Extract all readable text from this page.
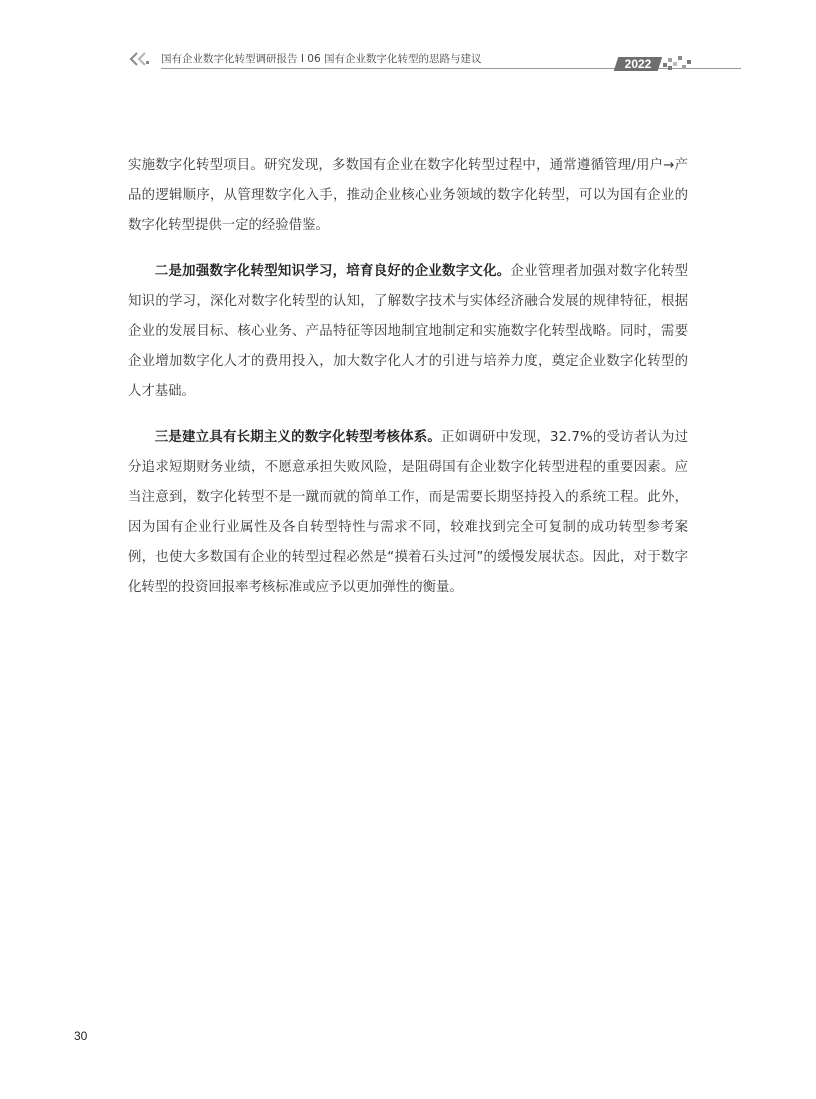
国有企业数字化转型调研报告 I 06 国有企业数字化转型的思路与建议	2022

实施数字化转型项目。研究发现，多数国有企业在数字化转型过程中，通常遵循管理/用户→产品的逻辑顺序，从管理数字化入手，推动企业核心业务领域的数字化转型，可以为国有企业的数字化转型提供一定的经验借鉴。

二是加强数字化转型知识学习，培育良好的企业数字文化。企业管理者加强对数字化转型知识的学习，深化对数字化转型的认知，了解数字技术与实体经济融合发展的规律特征，根据企业的发展目标、核心业务、产品特征等因地制宜地制定和实施数字化转型战略。同时，需要企业增加数字化人才的费用投入，加大数字化人才的引进与培养力度，奠定企业数字化转型的人才基础。

三是建立具有长期主义的数字化转型考核体系。正如调研中发现，32.7%的受访者认为过分追求短期财务业绩，不愿意承担失败风险，是阻碍国有企业数字化转型进程的重要因素。应当注意到，数字化转型不是一蹴而就的简单工作，而是需要长期坚持投入的系统工程。此外，因为国有企业行业属性及各自转型特性与需求不同，较难找到完全可复制的成功转型参考案例，也使大多数国有企业的转型过程必然是“摸着石头过河”的缓慢发展状态。因此，对于数字化转型的投资回报率考核标准或应予以更加弹性的衡量。

30
